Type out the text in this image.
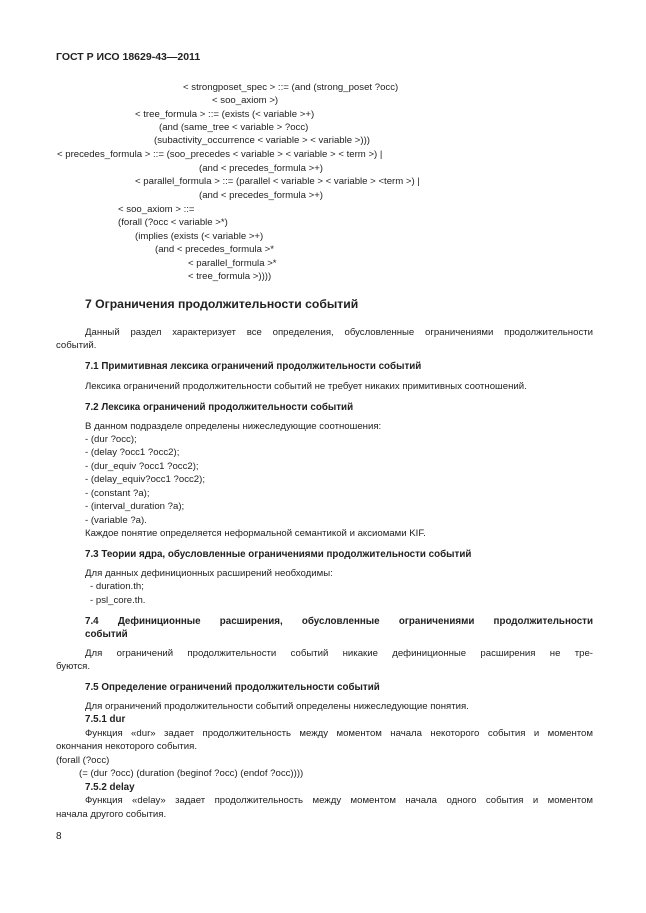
ГОСТ Р ИСО 18629-43—2011
< strongposet_spec > ::= (and (strong_poset ?occ)
< soo_axiom >)
< tree_formula > ::= (exists (< variable >+)
(and (same_tree < variable > ?occ)
(subactivity_occurrence < variable > < variable >)))
< precedes_formula > ::= (soo_precedes < variable > < variable > < term >) |
(and < precedes_formula >+)
< parallel_formula > ::= (parallel < variable > < variable > <term >) |
(and < precedes_formula >+)
< soo_axiom > ::=
(forall (?occ < variable >*)
(implies (exists (< variable >+)
(and < precedes_formula >*
< parallel_formula >*
< tree_formula >))))
7 Ограничения продолжительности событий
Данный раздел характеризует все определения, обусловленные ограничениями продолжительности
событий.
7.1 Примитивная лексика ограничений продолжительности событий
Лексика ограничений продолжительности событий не требует никаких примитивных соотношений.
7.2 Лексика ограничений продолжительности событий
В данном подразделе определены нижеследующие соотношения:
- (dur ?occ);
- (delay ?occ1 ?occ2);
- (dur_equiv ?occ1 ?occ2);
- (delay_equiv?occ1 ?occ2);
- (constant ?a);
- (interval_duration ?a);
- (variable ?a).
Каждое понятие определяется неформальной семантикой и аксиомами KIF.
7.3 Теории ядра, обусловленные ограничениями продолжительности событий
Для данных дефиниционных расширений необходимы:
- duration.th;
- psl_core.th.
7.4 Дефиниционные расширения, обусловленные ограничениями продолжительности
событий
Для ограничений продолжительности событий никакие дефиниционные расширения не тре-
буются.
7.5 Определение ограничений продолжительности событий
Для ограничений продолжительности событий определены нижеследующие понятия.
7.5.1 dur
Функция «dur» задает продолжительность между моментом начала некоторого события и моментом
окончания некоторого события.
(forall (?occ)
(= (dur ?occ) (duration (beginof ?occ) (endof ?occ))))
7.5.2 delay
Функция «delay» задает продолжительность между моментом начала одного события и моментом
начала другого события.
8
